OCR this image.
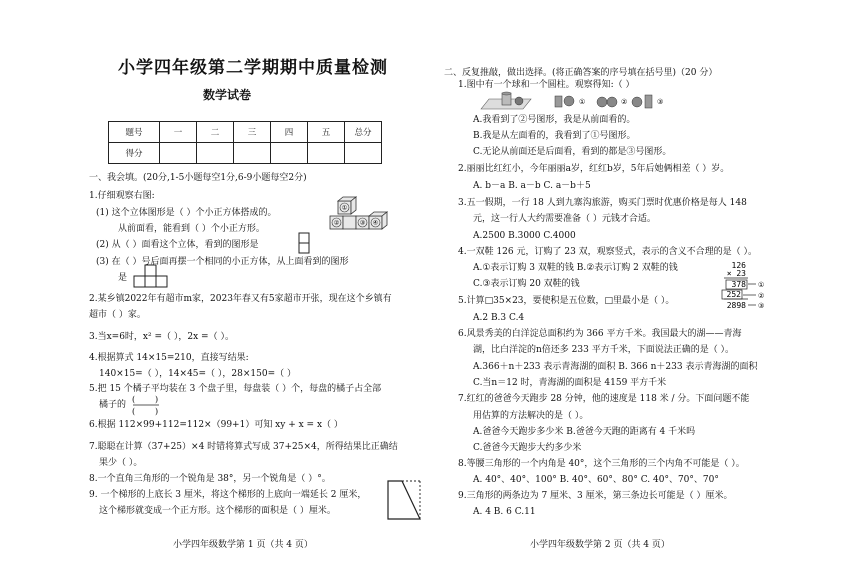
小学四年级第二学期期中质量检测
数学试卷
题号	一	二	三	四	五	总分
得分						
一、我会填。(20分,1-5小题每空1分,6-9小题每空2分)
1.仔细观察右图:
(1) 这个立体图形是（ ）个小正方体搭成的。
从前面看，能看到（ ）个小正方形。
(2) 从（ ）面看这个立体，看到的图形是
(3) 在（ ）号后面再摆一个相同的小正方体，从上面看到的图形
是
①
②	③ ④
2.某乡镇2022年有超市m家，2023年春又有5家超市开张，现在这个乡镇有
超市（ ）家。
3.当x=6时，x² =（ ），2x =（ ）。
4.根据算式 14×15=210，直接写结果:
140×15=（ ），14×45=（ ），28×150=（ ）
5.把 15 个橘子平均装在 3 个盘子里，每盘装（ ）个，每盘的橘子占全部
橘子的
( )
( )
6.根据 112×99+112=112×（99+1）可知 xy + x = x（ ）
7.聪聪在计算（37+25）×4 时错将算式写成 37+25×4，所得结果比正确结
果少（ ）。
8.一个直角三角形的一个锐角是 38°，另一个锐角是（ ）°。
9. 一个梯形的上底长 3 厘米，将这个梯形的上底向一端延长 2 厘米，
这个梯形就变成一个正方形。这个梯形的面积是（ ）厘米。
小学四年级数学第 1 页（共 4 页）
二、反复推敲，做出选择。(将正确答案的序号填在括号里)（20 分）
1.图中有一个球和一个圆柱。观察得知:（ ）
①	②	③
A.我看到了②号图形，我是从前面看的。
B.我是从左面看的，我看到了①号图形。
C.无论从前面还是后面看，看到的都是③号图形。
2.丽丽比红红小，今年丽丽a岁，红红b岁，5年后她俩相差（ ）岁。
A. b－a B. a－b C. a－b＋5
3.五一假期，一行 18 人到九寨沟旅游，购买门票时优惠价格是每人 148
元，这一行人大约需要准备（ ）元钱才合适。
A.2500 B.3000 C.4000
4.一双鞋 126 元，订购了 23 双，观察竖式，表示的含义不合理的是（ ）。
A.①表示订购 3 双鞋的钱 B.②表示订购 2 双鞋的钱
C.③表示订购 20 双鞋的钱
126
× 23
378
252
2898
①
②
③
5.计算□35×23，要使积是五位数，□里最小是（ ）。
A.2 B.3 C.4
6.风景秀美的白洋淀总面积约为 366 平方千米。我国最大的湖——青海
湖，比白洋淀的n倍还多 233 平方千米，下面说法正确的是（ ）。
A.366＋n＋233 表示青海湖的面积 B. 366 n＋233 表示青海湖的面积
C.当n＝12 时，青海湖的面积是 4159 平方千米
7.红红的爸爸今天跑步 28 分钟，他的速度是 118 米 / 分。下面问题不能
用估算的方法解决的是（ ）。
A.爸爸今天跑步多少米 B.爸爸今天跑的距离有 4 千米吗
C.爸爸今天跑步大约多少米
8.等腰三角形的一个内角是 40°，这个三角形的三个内角不可能是（ ）。
A. 40°、40°、100° B. 40°、60°、80° C. 40°、70°、70°
9.三角形的两条边为 7 厘米、3 厘米，第三条边长可能是（ ）厘米。
A. 4 B. 6 C.11
小学四年级数学第 2 页（共 4 页）
